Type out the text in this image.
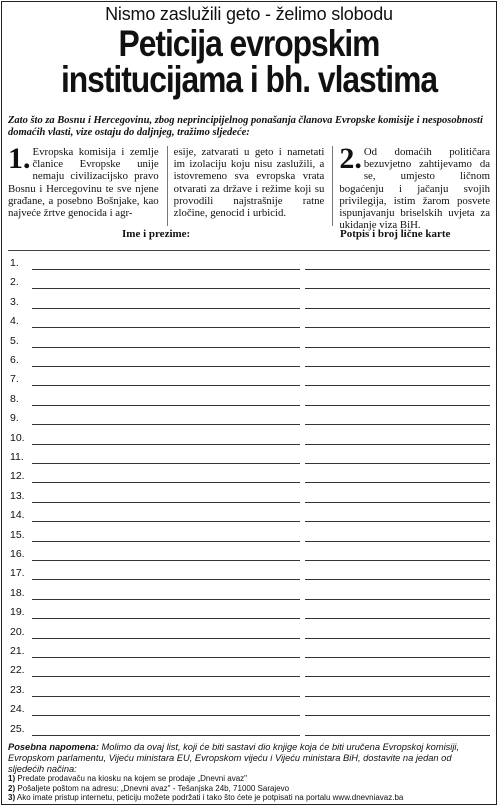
Nismo zaslužili geto - želimo slobodu
Peticija evropskim
institucijama i bh. vlastima
Zato što za Bosnu i Hercegovinu, zbog neprincipijelnog ponašanja članova Evropske komisije i nesposobnosti domaćih vlasti, vize ostaju do daljnjeg, tražimo sljedeće:
1. Evropska komisija i zemlje članice Evropske unije nemaju civilizacijsko pravo Bosnu i Hercegovinu te sve njene građane, a posebno Bošnjake, kao najveće žrtve genocida i agr-
esije, zatvarati u geto i nametati im izolaciju koju nisu zaslužili, a istovremeno sva evropska vrata otvarati za države i režime koji su provodili najstrašnije ratne zločine, genocid i urbicid.
2. Od domaćih političara bezuvjetno zahtijevamo da se, umjesto ličnom bogaćenju i jačanju svojih privilegija, istim žarom posvete ispunjavanju briselskih uvjeta za ukidanje viza BiH.
Ime i prezime:	Potpis i broj lične karte
1.
2.
3.
4.
5.
6.
7.
8.
9.
10.
11.
12.
13.
14.
15.
16.
17.
18.
19.
20.
21.
22.
23.
24.
25.
Posebna napomena: Molimo da ovaj list, koji će biti sastavi dio knjige koja će biti uručena Evropskoj komisiji, Evropskom parlamentu, Vijeću ministara EU, Evropskom vijeću i Vijeću ministara BiH, dostavite na jedan od sljedećih načina:
1) Predate prodavaču na kiosku na kojem se prodaje „Dnevni avaz"
2) Pošaljete poštom na adresu: „Dnevni avaz" - Tešanjska 24b, 71000 Sarajevo
3) Ako imate pristup internetu, peticiju možete podržati i tako što ćete je potpisati na portalu www.dnevniavaz.ba
